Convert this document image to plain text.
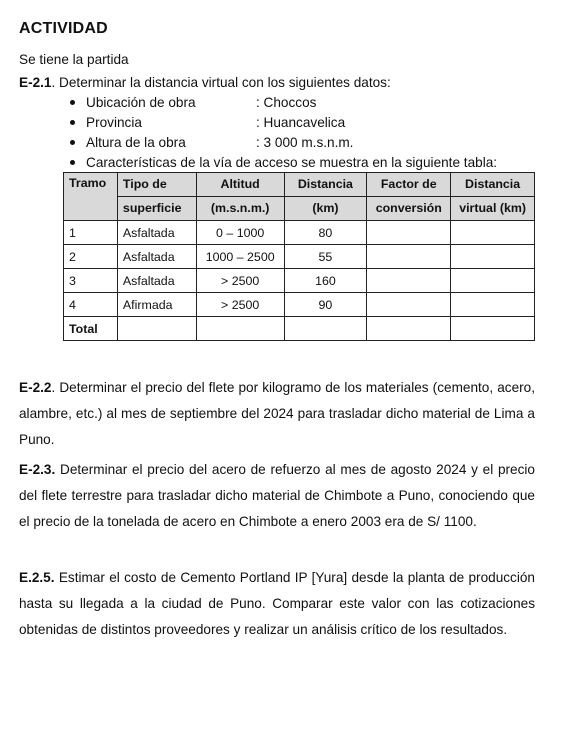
ACTIVIDAD
Se tiene la partida
E-2.1. Determinar la distancia virtual con los siguientes datos:
Ubicación de obra	: Choccos
Provincia	: Huancavelica
Altura de la obra	: 3 000 m.s.n.m.
Características de la vía de acceso se muestra en la siguiente tabla:
Tramo	Tipo de	Altitud	Distancia	Factor de	Distancia
	superficie	(m.s.n.m.)	(km)	conversión	virtual (km)
1	Asfaltada	0 – 1000	80		
2	Asfaltada	1000 – 2500	55		
3	Asfaltada	> 2500	160		
4	Afirmada	> 2500	90		
Total					
E-2.2. Determinar el precio del flete por kilogramo de los materiales (cemento, acero, alambre, etc.) al mes de septiembre del 2024 para trasladar dicho material de Lima a Puno.
E-2.3. Determinar el precio del acero de refuerzo al mes de agosto 2024 y el precio del flete terrestre para trasladar dicho material de Chimbote a Puno, conociendo que el precio de la tonelada de acero en Chimbote a enero 2003 era de S/ 1100.
E.2.5. Estimar el costo de Cemento Portland IP [Yura] desde la planta de producción hasta su llegada a la ciudad de Puno. Comparar este valor con las cotizaciones obtenidas de distintos proveedores y realizar un análisis crítico de los resultados.
